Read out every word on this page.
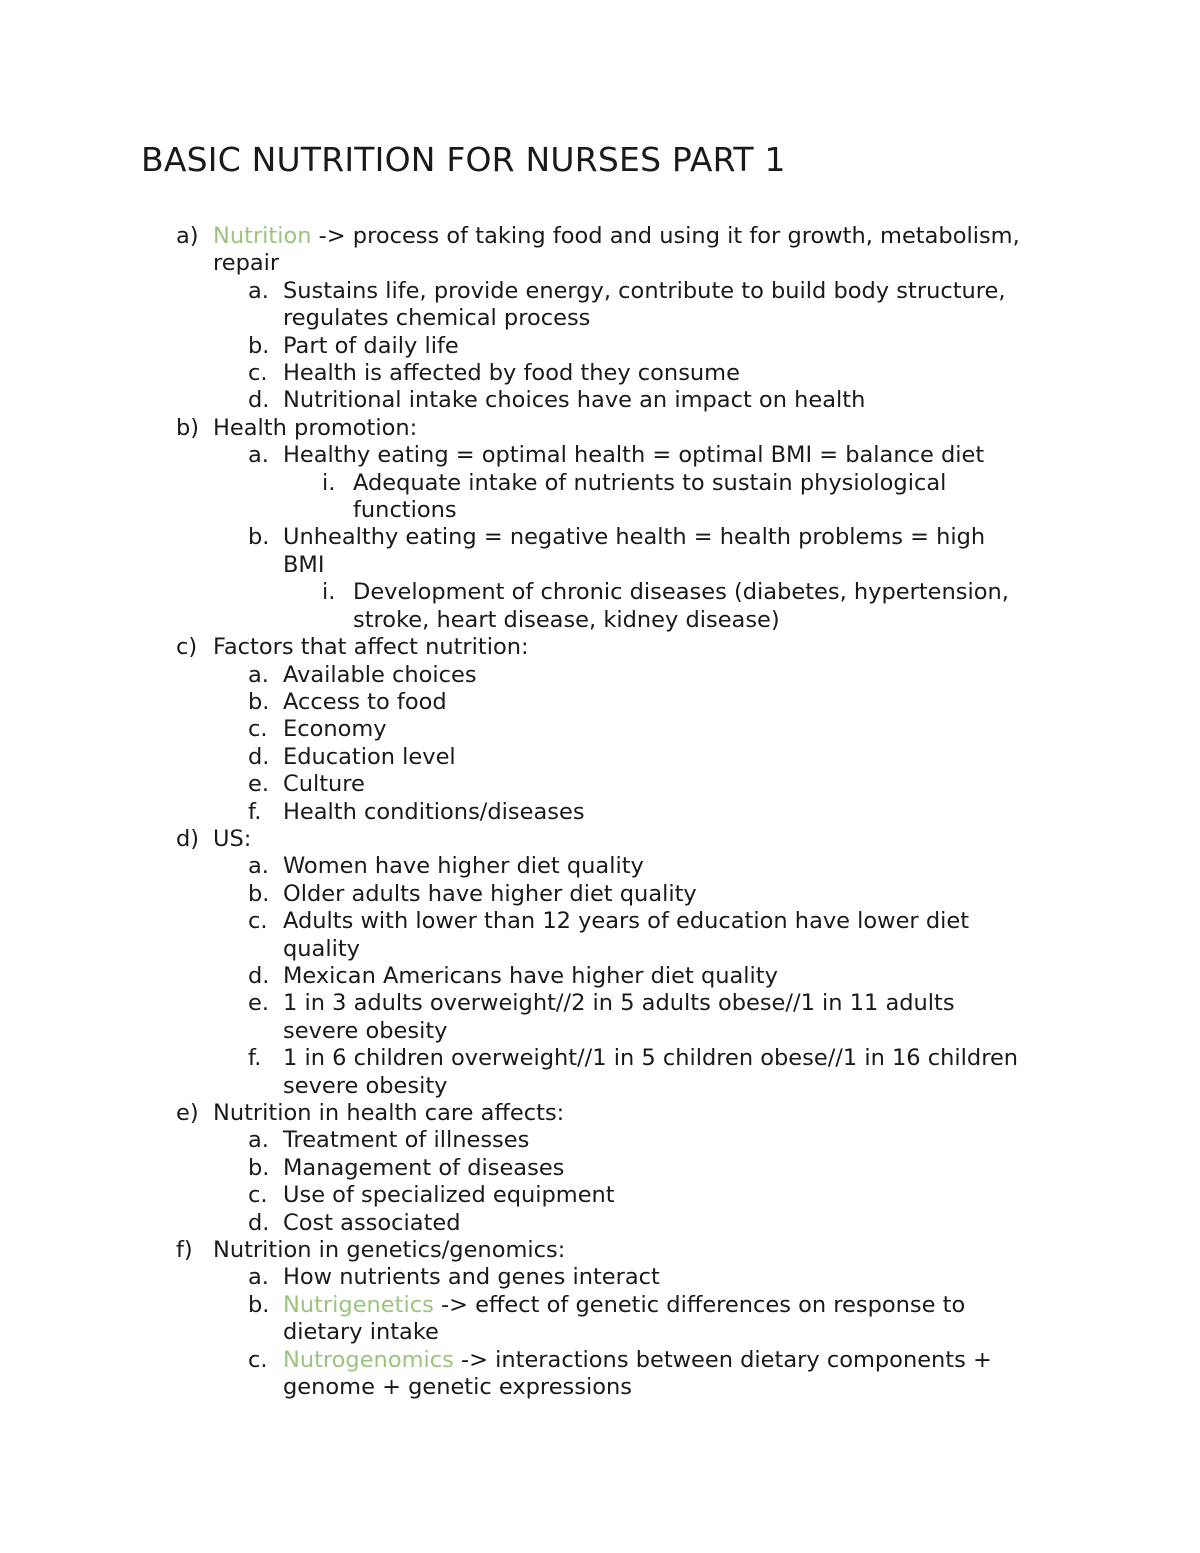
BASIC NUTRITION FOR NURSES PART 1
a) Nutrition -> process of taking food and using it for growth, metabolism,
repair
a. Sustains life, provide energy, contribute to build body structure,
regulates chemical process
b. Part of daily life
c. Health is affected by food they consume
d. Nutritional intake choices have an impact on health
b) Health promotion:
a. Healthy eating = optimal health = optimal BMI = balance diet
i. Adequate intake of nutrients to sustain physiological
functions
b. Unhealthy eating = negative health = health problems = high
BMI
i. Development of chronic diseases (diabetes, hypertension,
stroke, heart disease, kidney disease)
c) Factors that affect nutrition:
a. Available choices
b. Access to food
c. Economy
d. Education level
e. Culture
f. Health conditions/diseases
d) US:
a. Women have higher diet quality
b. Older adults have higher diet quality
c. Adults with lower than 12 years of education have lower diet
quality
d. Mexican Americans have higher diet quality
e. 1 in 3 adults overweight//2 in 5 adults obese//1 in 11 adults
severe obesity
f. 1 in 6 children overweight//1 in 5 children obese//1 in 16 children
severe obesity
e) Nutrition in health care affects:
a. Treatment of illnesses
b. Management of diseases
c. Use of specialized equipment
d. Cost associated
f) Nutrition in genetics/genomics:
a. How nutrients and genes interact
b. Nutrigenetics -> effect of genetic differences on response to
dietary intake
c. Nutrogenomics -> interactions between dietary components +
genome + genetic expressions
